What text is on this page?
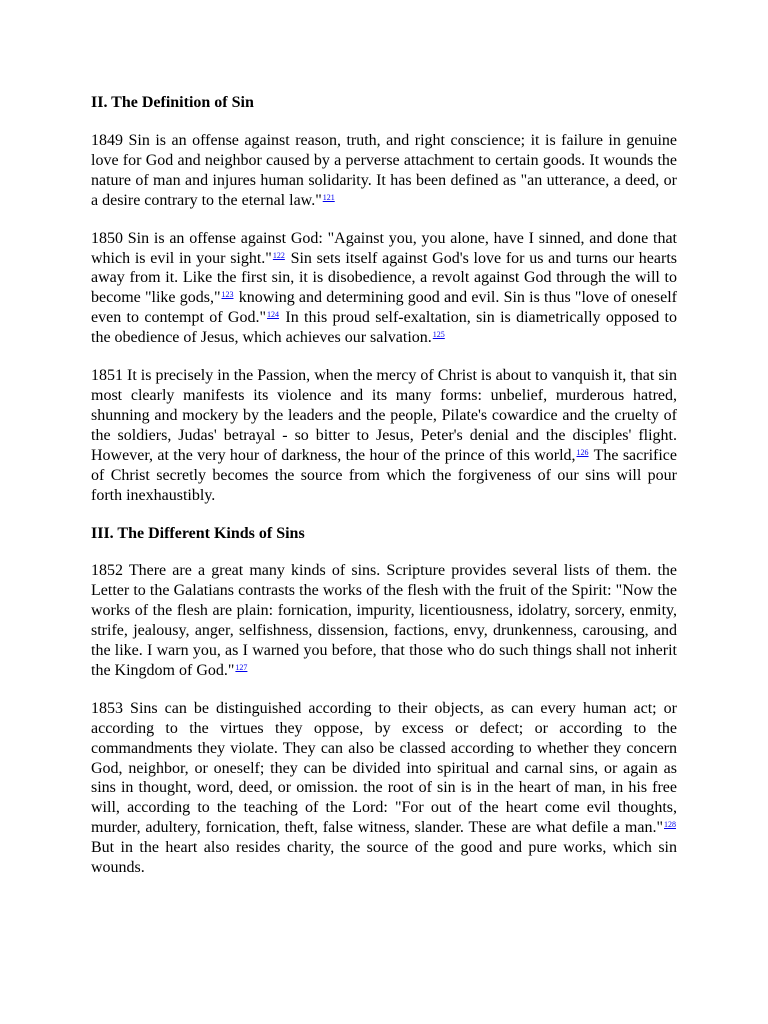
II. The Definition of Sin

1849 Sin is an offense against reason, truth, and right conscience; it is failure in genuine love for God and neighbor caused by a perverse attachment to certain goods. It wounds the nature of man and injures human solidarity. It has been defined as "an utterance, a deed, or a desire contrary to the eternal law."$^{121}$

1850 Sin is an offense against God: "Against you, you alone, have I sinned, and done that which is evil in your sight."$^{122}$ Sin sets itself against God's love for us and turns our hearts away from it. Like the first sin, it is disobedience, a revolt against God through the will to become "like gods,"$^{123}$ knowing and determining good and evil. Sin is thus "love of oneself even to contempt of God."$^{124}$ In this proud self-exaltation, sin is diametrically opposed to the obedience of Jesus, which achieves our salvation.$^{125}$

1851 It is precisely in the Passion, when the mercy of Christ is about to vanquish it, that sin most clearly manifests its violence and its many forms: unbelief, murderous hatred, shunning and mockery by the leaders and the people, Pilate's cowardice and the cruelty of the soldiers, Judas' betrayal - so bitter to Jesus, Peter's denial and the disciples' flight. However, at the very hour of darkness, the hour of the prince of this world,$^{126}$ The sacrifice of Christ secretly becomes the source from which the forgiveness of our sins will pour forth inexhaustibly.

III. The Different Kinds of Sins

1852 There are a great many kinds of sins. Scripture provides several lists of them. the Letter to the Galatians contrasts the works of the flesh with the fruit of the Spirit: "Now the works of the flesh are plain: fornication, impurity, licentiousness, idolatry, sorcery, enmity, strife, jealousy, anger, selfishness, dissension, factions, envy, drunkenness, carousing, and the like. I warn you, as I warned you before, that those who do such things shall not inherit the Kingdom of God."$^{127}$

1853 Sins can be distinguished according to their objects, as can every human act; or according to the virtues they oppose, by excess or defect; or according to the commandments they violate. They can also be classed according to whether they concern God, neighbor, or oneself; they can be divided into spiritual and carnal sins, or again as sins in thought, word, deed, or omission. the root of sin is in the heart of man, in his free will, according to the teaching of the Lord: "For out of the heart come evil thoughts, murder, adultery, fornication, theft, false witness, slander. These are what defile a man."$^{128}$ But in the heart also resides charity, the source of the good and pure works, which sin wounds.
